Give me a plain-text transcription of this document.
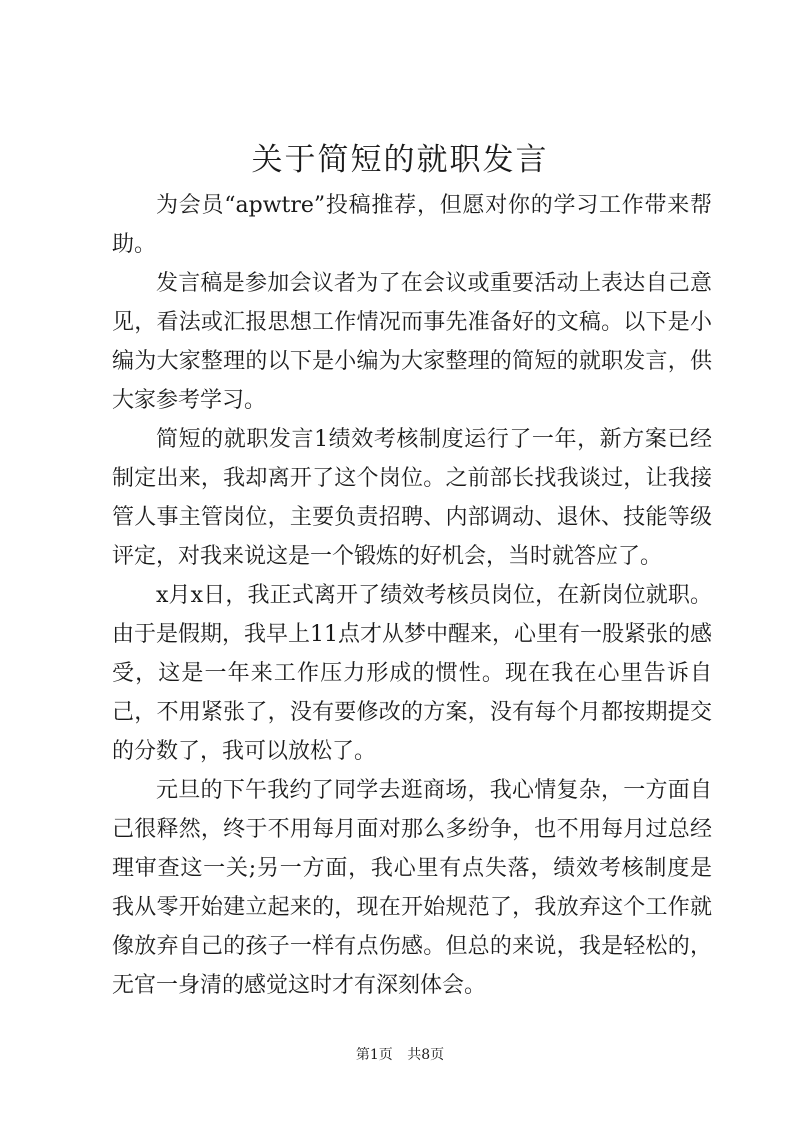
关于简短的就职发言

为会员“apwtre”投稿推荐，但愿对你的学习工作带来帮助。

发言稿是参加会议者为了在会议或重要活动上表达自己意见，看法或汇报思想工作情况而事先准备好的文稿。以下是小编为大家整理的以下是小编为大家整理的简短的就职发言，供大家参考学习。

简短的就职发言1绩效考核制度运行了一年，新方案已经制定出来，我却离开了这个岗位。之前部长找我谈过，让我接管人事主管岗位，主要负责招聘、内部调动、退休、技能等级评定，对我来说这是一个锻炼的好机会，当时就答应了。

x月x日，我正式离开了绩效考核员岗位，在新岗位就职。由于是假期，我早上11点才从梦中醒来，心里有一股紧张的感受，这是一年来工作压力形成的惯性。现在我在心里告诉自己，不用紧张了，没有要修改的方案，没有每个月都按期提交的分数了，我可以放松了。

元旦的下午我约了同学去逛商场，我心情复杂，一方面自己很释然，终于不用每月面对那么多纷争，也不用每月过总经理审查这一关;另一方面，我心里有点失落，绩效考核制度是我从零开始建立起来的，现在开始规范了，我放弃这个工作就像放弃自己的孩子一样有点伤感。但总的来说，我是轻松的，无官一身清的感觉这时才有深刻体会。

第1页 共8页
